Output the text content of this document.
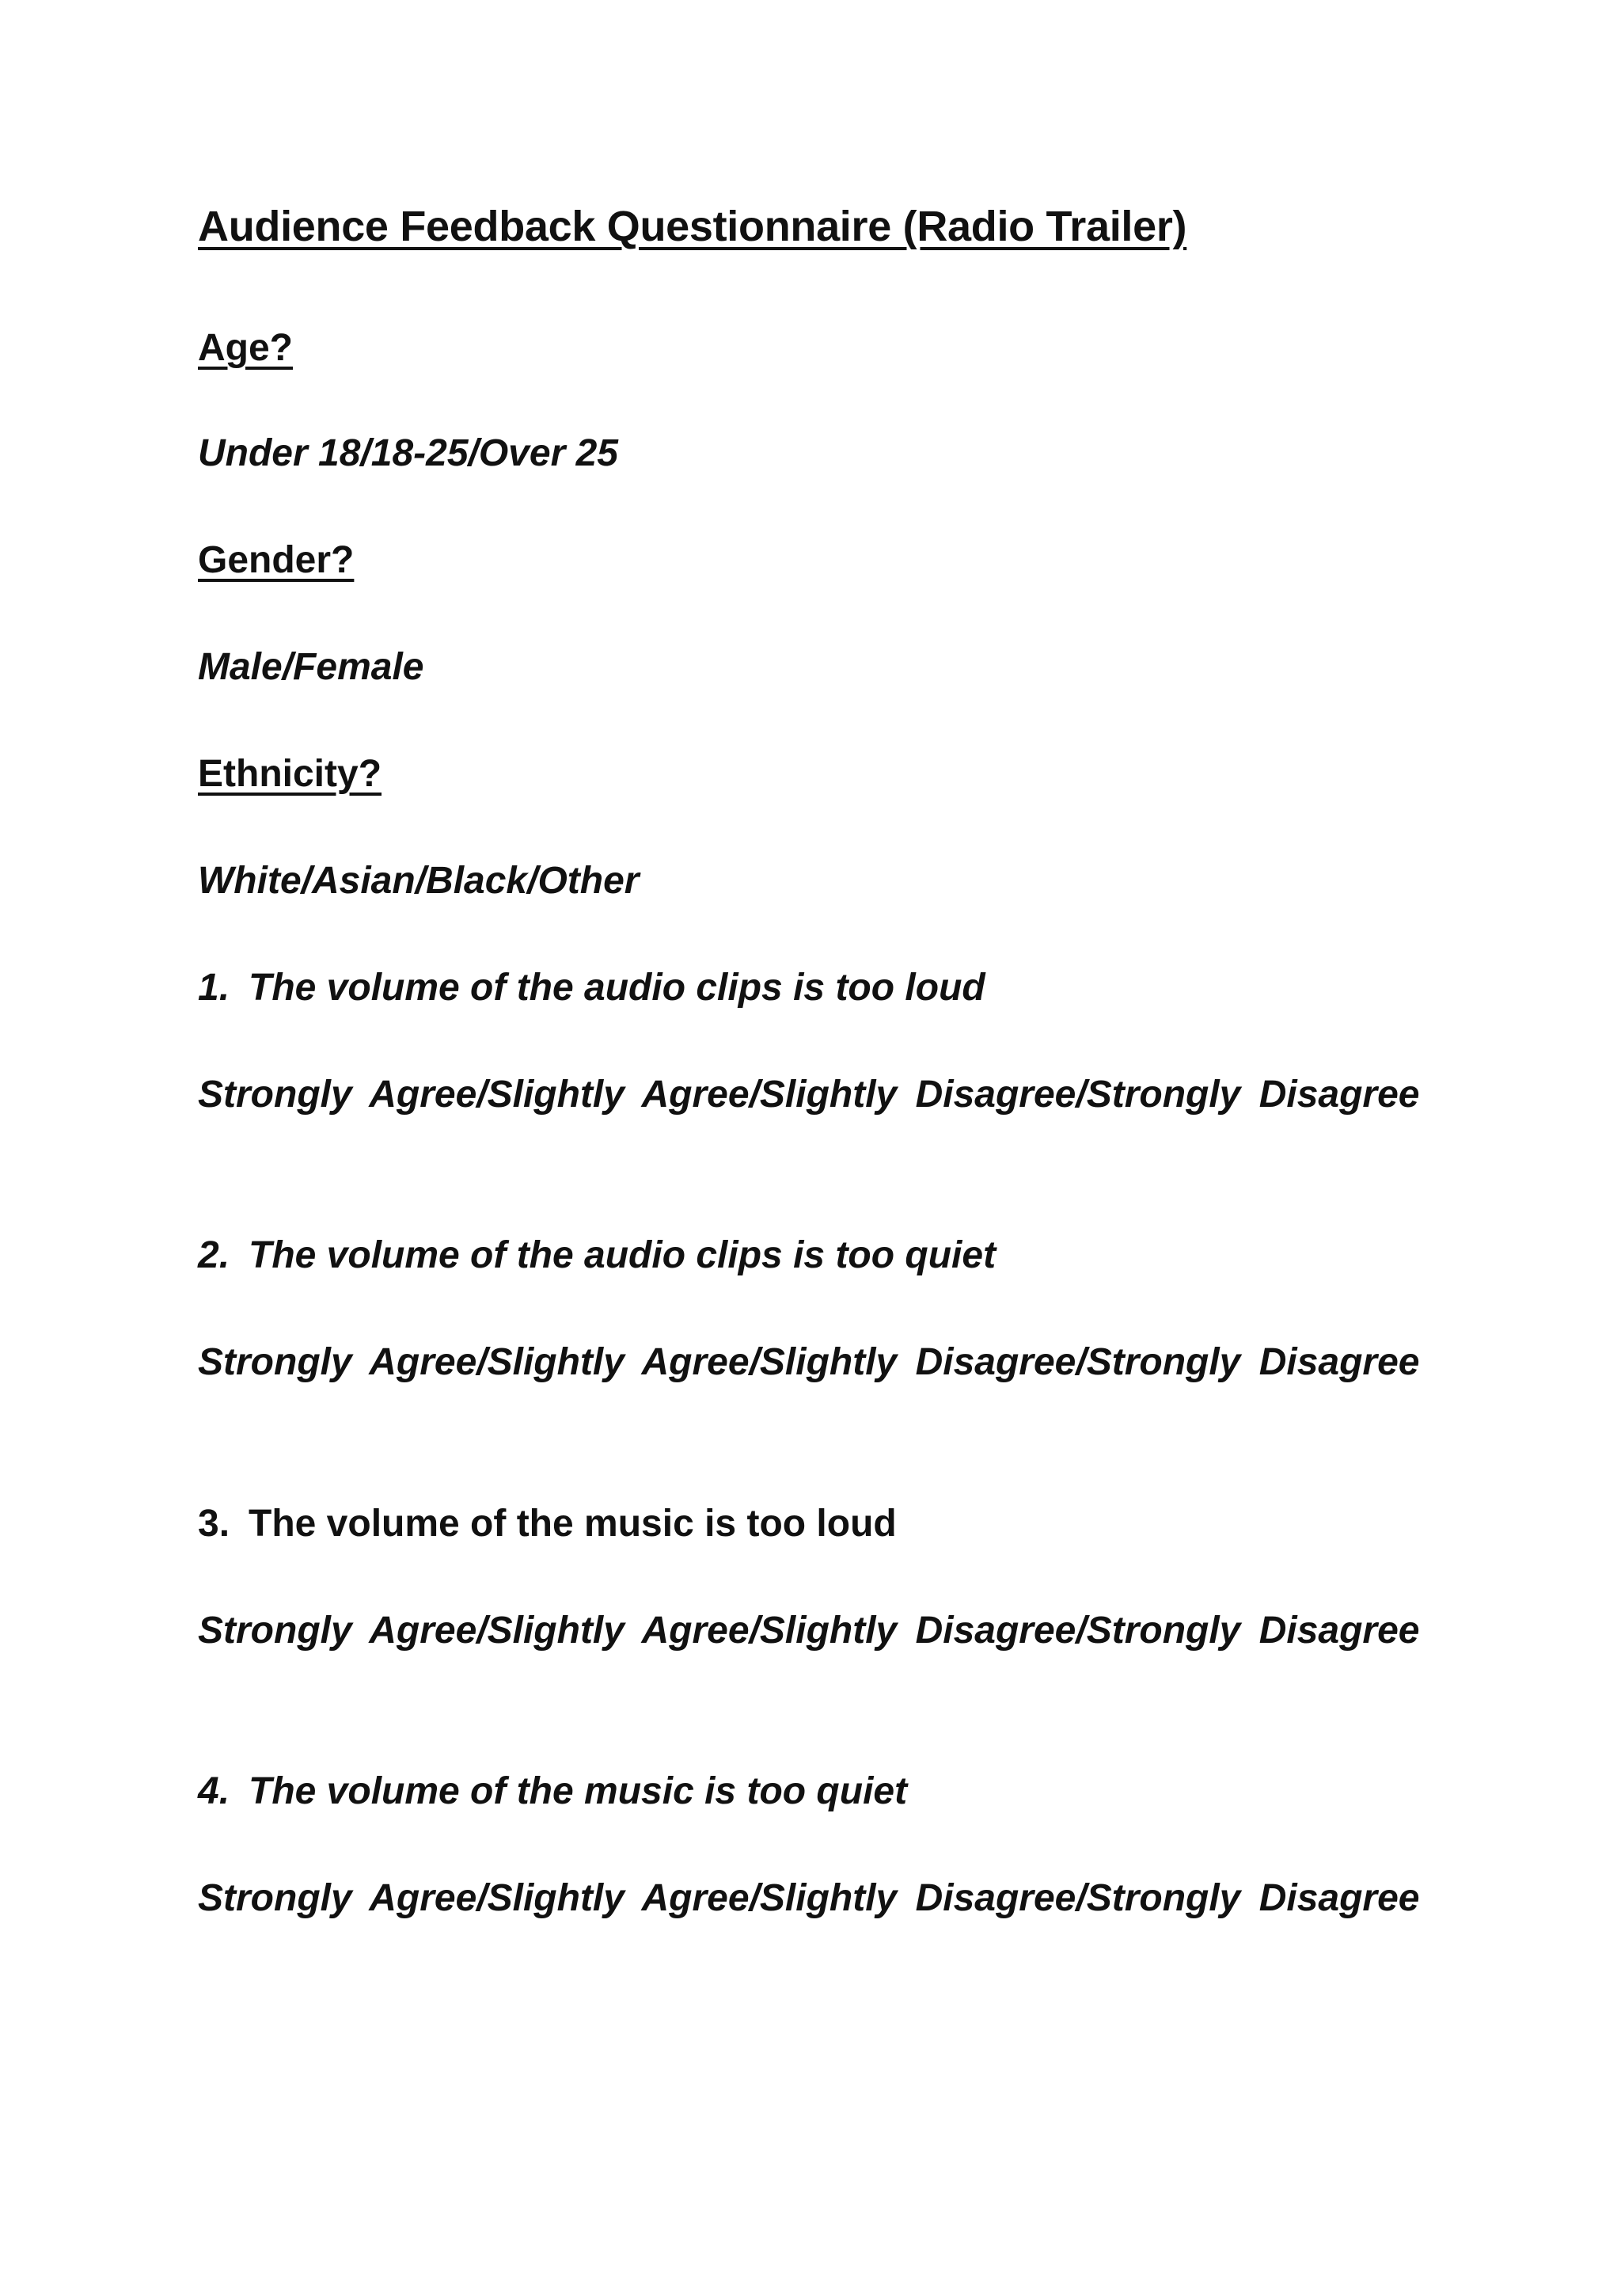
Audience Feedback Questionnaire (Radio Trailer)
Age?
Under 18/18-25/Over 25
Gender?
Male/Female
Ethnicity?
White/Asian/Black/Other
1. The volume of the audio clips is too loud
Strongly Agree/Slightly Agree/Slightly Disagree/Strongly Disagree
2. The volume of the audio clips is too quiet
Strongly Agree/Slightly Agree/Slightly Disagree/Strongly Disagree
3. The volume of the music is too loud
Strongly Agree/Slightly Agree/Slightly Disagree/Strongly Disagree
4. The volume of the music is too quiet
Strongly Agree/Slightly Agree/Slightly Disagree/Strongly Disagree
